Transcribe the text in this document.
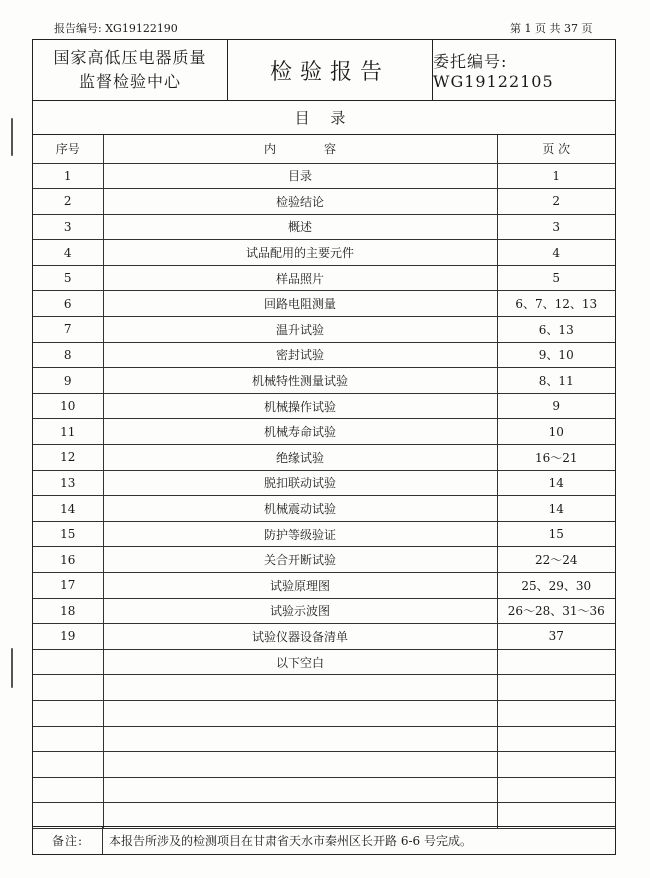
报告编号: XG19122190	第 1 页 共 37 页
国家高低压电器质量
监督检验中心	检验报告	委托编号: WG19122105
目 录
序号	内　　　　容	页 次
1	目录	1
2	检验结论	2
3	概述	3
4	试品配用的主要元件	4
5	样品照片	5
6	回路电阻测量	6、7、12、13
7	温升试验	6、13
8	密封试验	9、10
9	机械特性测量试验	8、11
10	机械操作试验	9
11	机械寿命试验	10
12	绝缘试验	16～21
13	脱扣联动试验	14
14	机械震动试验	14
15	防护等级验证	15
16	关合开断试验	22～24
17	试验原理图	25、29、30
18	试验示波图	26～28、31～36
19	试验仪器设备清单	37
	以下空白	

备注:	本报告所涉及的检测项目在甘肃省天水市秦州区长开路 6-6 号完成。
